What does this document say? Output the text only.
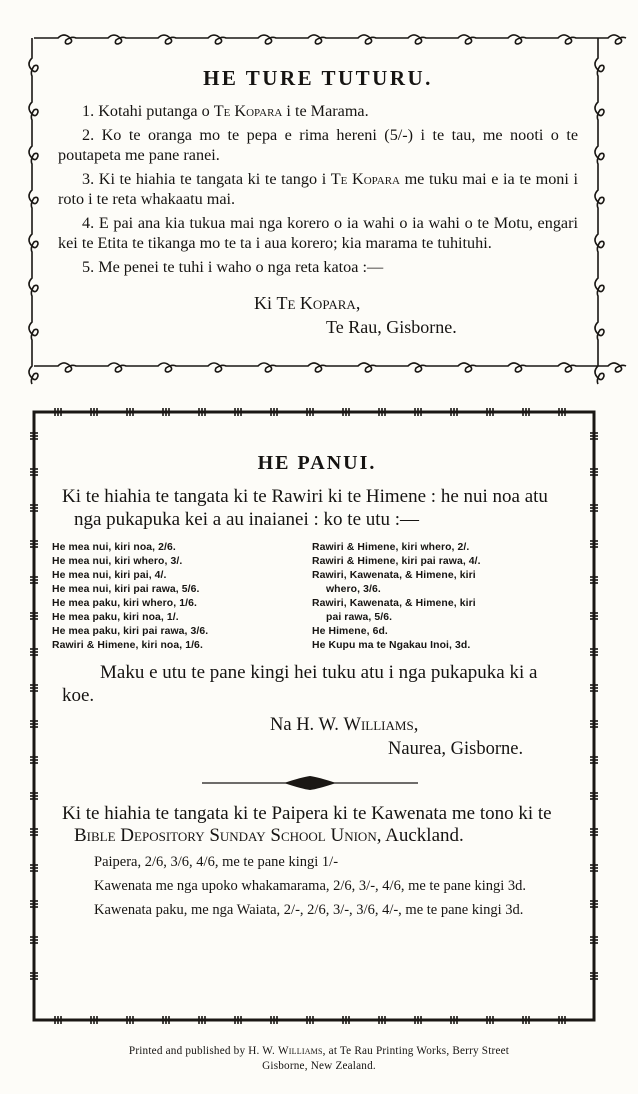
HE TURE TUTURU.

1. Kotahi putanga o Te Kopara i te Marama.

2. Ko te oranga mo te pepa e rima hereni (5/-) i te tau, me nooti o te poutapeta me pane ranei.

3. Ki te hiahia te tangata ki te tango i Te Kopara me tuku mai e ia te moni i roto i te reta whakaatu mai.

4. E pai ana kia tukua mai nga korero o ia wahi o ia wahi o te Motu, engari kei te Etita te tikanga mo te ta i aua korero; kia marama te tuhituhi.

5. Me penei te tuhi i waho o nga reta katoa :—

Ki Te Kopara,
Te Rau, Gisborne.
HE PANUI.

Ki te hiahia te tangata ki te Rawiri ki te Himene : he nui noa atu nga pukapuka kei a au inaianei : ko te utu :—

He mea nui, kiri noa, 2/6.
He mea nui, kiri whero, 3/.
He mea nui, kiri pai, 4/.
He mea nui, kiri pai rawa, 5/6.
He mea paku, kiri whero, 1/6.
He mea paku, kiri noa, 1/.
He mea paku, kiri pai rawa, 3/6.
Rawiri & Himene, kiri noa, 1/6.
Rawiri & Himene, kiri whero, 2/.
Rawiri & Himene, kiri pai rawa, 4/.
Rawiri, Kawenata, & Himene, kiri
whero, 3/6.
Rawiri, Kawenata, & Himene, kiri
pai rawa, 5/6.
He Himene, 6d.
He Kupu ma te Ngakau Inoi, 3d.

Maku e utu te pane kingi hei tuku atu i nga pukapuka ki a koe.

Na H. W. Williams,
Naurea, Gisborne.

Ki te hiahia te tangata ki te Paipera ki te Kawenata me tono ki te Bible Depository Sunday School Union, Auckland.

Paipera, 2/6, 3/6, 4/6, me te pane kingi 1/-

Kawenata me nga upoko whakamarama, 2/6, 3/-, 4/6, me te pane kingi 3d.

Kawenata paku, me nga Waiata, 2/-, 2/6, 3/-, 3/6, 4/-, me te pane kingi 3d.

Printed and published by H. W. Williams, at Te Rau Printing Works, Berry Street
Gisborne, New Zealand.
